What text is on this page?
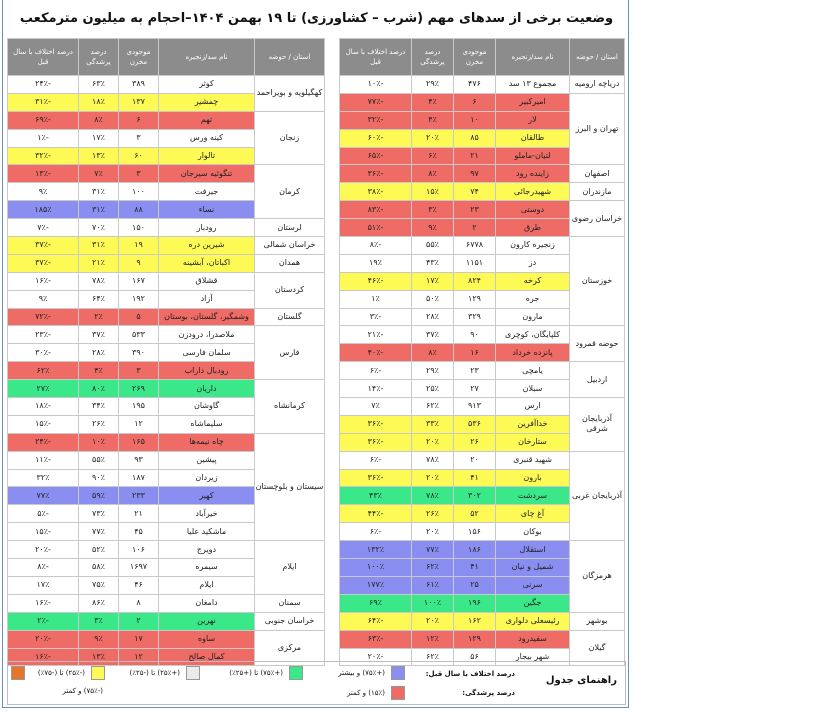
وضعیت برخی از سدهای مهم (شرب – کشاورزی) تا ۱۹ بهمن ۱۴۰۴–احجام به میلیون مترمکعب
استان / حوضه	نام سد/زنجیره	موجودی مخزن	درصد پرشدگی	درصد اختلاف با سال قبل
دریاچه ارومیه	مجموع ۱۳ سد	۴۷۶	۲۹٪	-۱۰٪
تهران و البرز	امیرکبیر	۶	۴٪	-۷۷٪
	لار	۱۰	۴٪	-۳۲٪
	طالقان	۸۵	۲۰٪	-۶۰٪
	لتیان-ماملو	۲۱	۶٪	-۶۵٪
اصفهان	زاینده رود	۹۷	۸٪	-۳۶٪
مازندران	شهیدرجائی	۷۴	۱۵٪	-۳۸٪
خراسان رضوی	دوستی	۲۳	۳٪	-۸۳٪
	طرق	۲	۹٪	-۵۱٪
خوزستان	زنجیره کارون	۶۷۷۸	۵۵٪	-۸٪
	دز	۱۱۵۱	۴۳٪	۱۹٪
	کرخه	۸۲۴	۱۷٪	-۴۶٪
	جره	۱۲۹	۵۰٪	۱٪
	مارون	۳۲۹	۲۸٪	-۳٪
حوضه قمرود	کلپایگان، کوچری	۹۰	۳۷٪	-۲۱٪
	پانزده خرداد	۱۶	۸٪	-۴۰٪
اردبیل	یامچی	۲۳	۲۹٪	-۶٪
	سبلان	۲۷	۲۵٪	-۱۴٪
آذربایجان شرقی	ارس	۹۱۳	۶۲٪	۷٪
	خداآفرین	۵۳۶	۳۳٪	-۳۶٪
	ستارخان	۲۶	۲۰٪	-۳۶٪
آذربایجان غربی	شهید قنبری	۲۰	۷۸٪	-۶٪
	بارون	۴۱	۲۰٪	-۳۶٪
	سردشت	۳۰۲	۷۸٪	۴۳٪
	آغ چای	۵۲	۲۶٪	-۴۴٪
	بوکان	۱۵۶	۲۰٪	-۶٪
هرمزگان	استقلال	۱۸۶	۷۷٪	۱۳۲٪
	شمیل و نیان	۴۱	۶۲٪	۱۰۰٪
	سرنی	۲۵	۶۱٪	۱۷۷٪
	جگین	۱۹۶	۱۰۰٪	۶۹٪
بوشهر	رئیسعلی دلواری	۱۶۲	۲۰٪	-۶۴٪
گیلان	سفیدرود	۱۲۹	۱۲٪	-۶۳٪
	شهر بیجار	۵۶	۶۲٪	-۲۰٪
استان / حوضه	نام سد/زنجیره	موجودی مخزن	درصد پرشدگی	درصد اختلاف با سال قبل
کهگیلویه و بویراحمد	کوثر	۳۸۹	۶۳٪	-۲۴٪
	چمشیر	۱۳۷	۱۸٪	-۳۱٪
زنجان	تهم	۶	۸٪	-۶۹٪
	کینه ورس	۳	۱۷٪	-۱٪
	تالوار	۶۰	۱۳٪	-۳۲٪
کرمان	تنگوئیه سیرجان	۳	۷٪	-۱۳٪
	جیرفت	۱۰۰	۳۱٪	۹٪
	نساء	۸۸	۳۱٪	۱۸۵٪
لرستان	رودبار	۱۵۰	۷۰٪	-۷٪
خراسان شمالی	شیرین دره	۱۹	۳۱٪	-۳۷٪
همدان	اکباتان، آبشینه	۹	۲۱٪	-۳۷٪
کردستان	قشلاق	۱۶۷	۷۸٪	-۱۶٪
	آزاد	۱۹۲	۶۴٪	۹٪
گلستان	وشمگیر، گلستان، بوستان	۵	۲٪	-۷۲٪
فارس	ملاصدرا، درودزن	۵۳۳	۳۷٪	-۲۳٪
	سلمان فارسی	۳۹۰	۲۸٪	-۳۰٪
	رودبال داراب	۳	۴٪	۶۲٪
کرمانشاه	داریان	۲۶۹	۸۰٪	۲۷٪
	گاوشان	۱۹۵	۳۴٪	-۱۸٪
	سلیماشاه	۱۲	۲۶٪	-۱۵٪
سیستان و بلوچستان	چاه نیمه‌ها	۱۶۵	۱۰٪	-۲۴٪
	پیشین	۹۳	۵۵٪	-۱۱٪
	زیردان	۱۸۷	۹۰٪	۳۲٪
	کهیر	۲۳۳	۵۹٪	۷۷٪
	خیرآباد	۲۱	۷۳٪	-۵٪
	ماشکید علیا	۴۵	۷۷٪	-۱۵٪
ایلام	دویرج	۱۰۶	۵۲٪	-۲۰٪
	سیمره	۱۶۹۷	۵۸٪	-۸٪
	ایلام	۴۶	۷۵٪	۱۷٪
سمنان	دامغان	۸	۸۶٪	-۱۶٪
خراسان جنوبی	نهرین	۲	۳٪	-۲٪
مرکزی	ساوه	۱۷	۹٪	-۲۰٪
	کمال صالح	۱۲	۱۳٪	-۱۶٪
راهنمای جدول
درصد اختلاف با سال قبل:
درصد پرشدگی:
(+۷۵٪) و بیشتر
(+۷۵٪) تا (+۲۵٪)
(+۲۵٪) تا (-۲۵٪)
(-۲۵٪) تا (-۷۵٪)
(-۷۵٪) و کمتر	(۱۵٪) و کمتر
